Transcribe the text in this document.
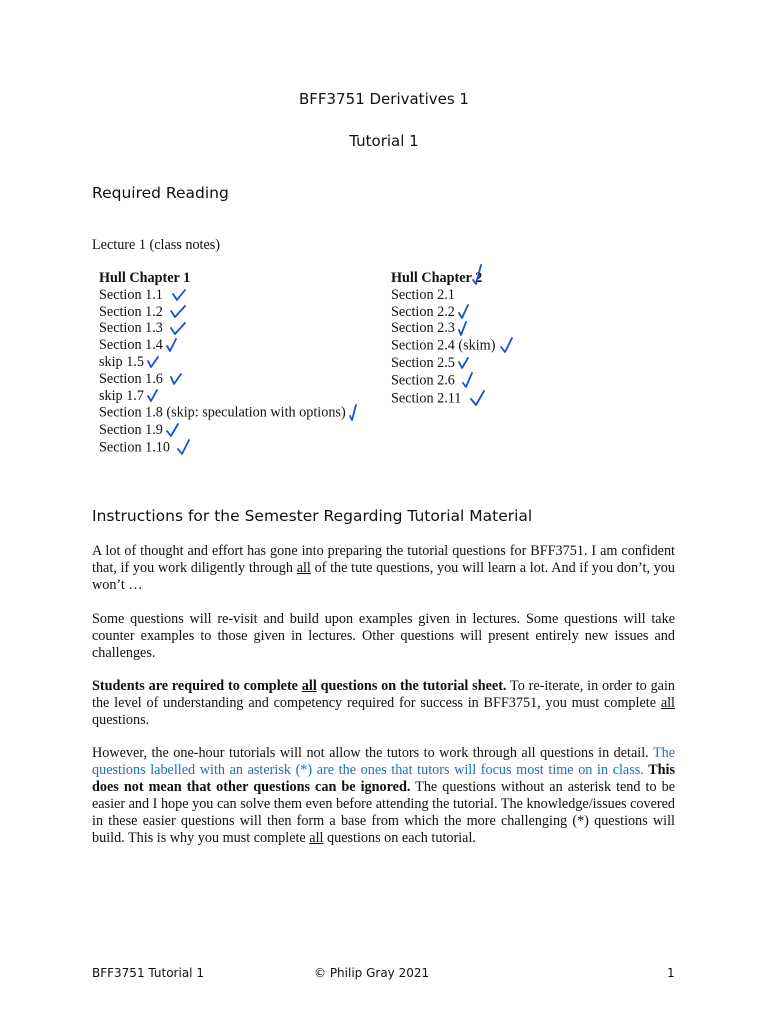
BFF3751 Derivatives 1
Tutorial 1
Required Reading
Lecture 1 (class notes)
Hull Chapter 1
Section 1.1
Section 1.2
Section 1.3
Section 1.4
skip 1.5
Section 1.6
skip 1.7
Section 1.8 (skip: speculation with options)
Section 1.9
Section 1.10
Hull Chapter 2
Section 2.1
Section 2.2
Section 2.3
Section 2.4 (skim)
Section 2.5
Section 2.6
Section 2.11
Instructions for the Semester Regarding Tutorial Material
A lot of thought and effort has gone into preparing the tutorial questions for BFF3751. I am confident that, if you work diligently through all of the tute questions, you will learn a lot. And if you don’t, you won’t …
Some questions will re-visit and build upon examples given in lectures. Some questions will take counter examples to those given in lectures. Other questions will present entirely new issues and challenges.
Students are required to complete all questions on the tutorial sheet. To re-iterate, in order to gain the level of understanding and competency required for success in BFF3751, you must complete all questions.
However, the one-hour tutorials will not allow the tutors to work through all questions in detail. The questions labelled with an asterisk (*) are the ones that tutors will focus most time on in class. This does not mean that other questions can be ignored. The questions without an asterisk tend to be easier and I hope you can solve them even before attending the tutorial. The knowledge/issues covered in these easier questions will then form a base from which the more challenging (*) questions will build. This is why you must complete all questions on each tutorial.
BFF3751 Tutorial 1	© Philip Gray 2021	1
